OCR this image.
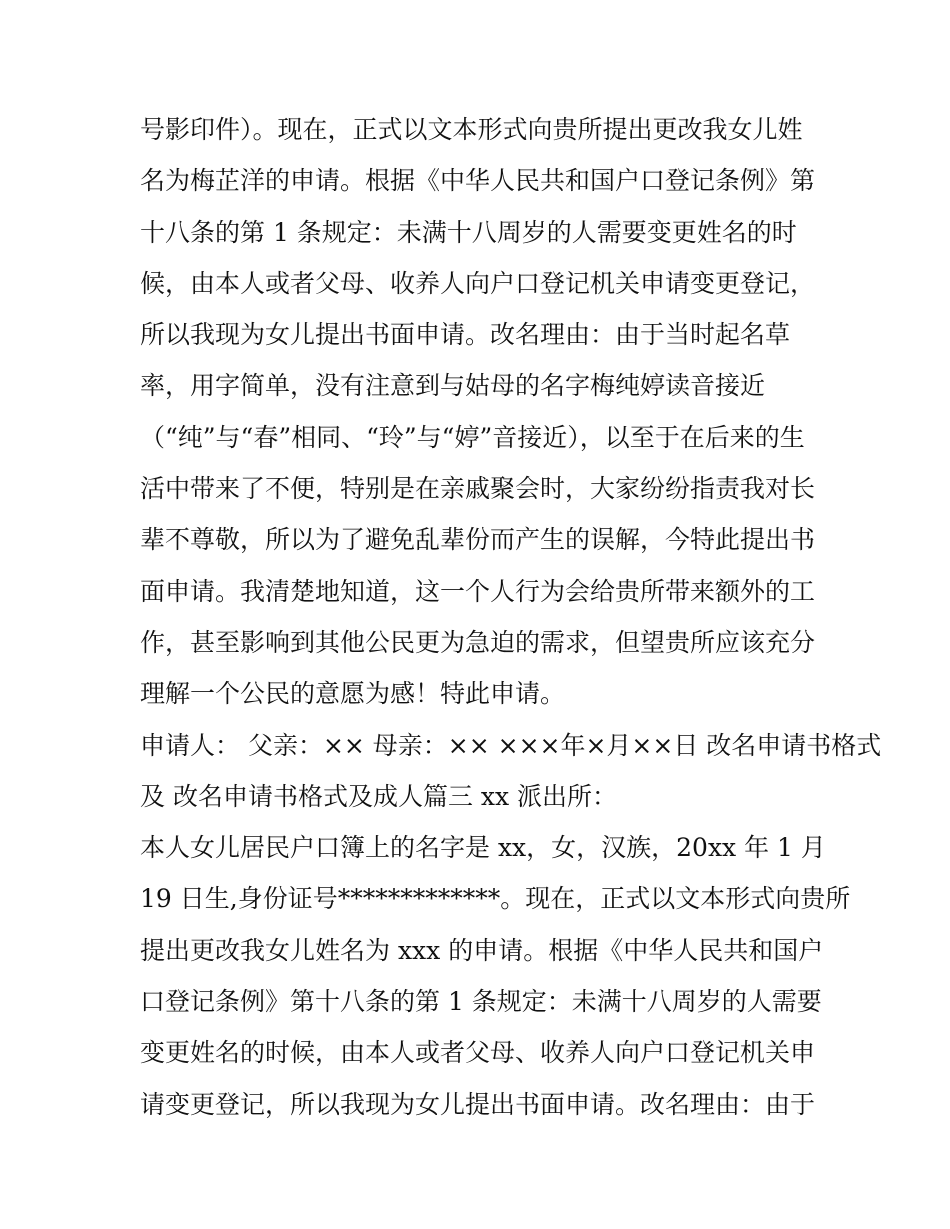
号影印件）。现在，正式以文本形式向贵所提出更改我女儿姓
名为梅芷洋的申请。根据《中华人民共和国户口登记条例》第
十八条的第 1 条规定：未满十八周岁的人需要变更姓名的时
候，由本人或者父母、收养人向户口登记机关申请变更登记，
所以我现为女儿提出书面申请。改名理由：由于当时起名草
率，用字简单，没有注意到与姑母的名字梅纯婷读音接近
（“纯”与“春”相同、“玲”与“婷”音接近），以至于在后来的生
活中带来了不便，特别是在亲戚聚会时，大家纷纷指责我对长
辈不尊敬，所以为了避免乱辈份而产生的误解，今特此提出书
面申请。我清楚地知道，这一个人行为会给贵所带来额外的工
作，甚至影响到其他公民更为急迫的需求，但望贵所应该充分
理解一个公民的意愿为感！特此申请。
申请人： 父亲：×× 母亲：×× ×××年×月××日 改名申请书格式
及 改名申请书格式及成人篇三 xx 派出所：
本人女儿居民户口簿上的名字是 xx，女，汉族，20xx 年 1 月
19 日生,身份证号*************。现在，正式以文本形式向贵所
提出更改我女儿姓名为 xxx 的申请。根据《中华人民共和国户
口登记条例》第十八条的第 1 条规定：未满十八周岁的人需要
变更姓名的时候，由本人或者父母、收养人向户口登记机关申
请变更登记，所以我现为女儿提出书面申请。改名理由：由于
